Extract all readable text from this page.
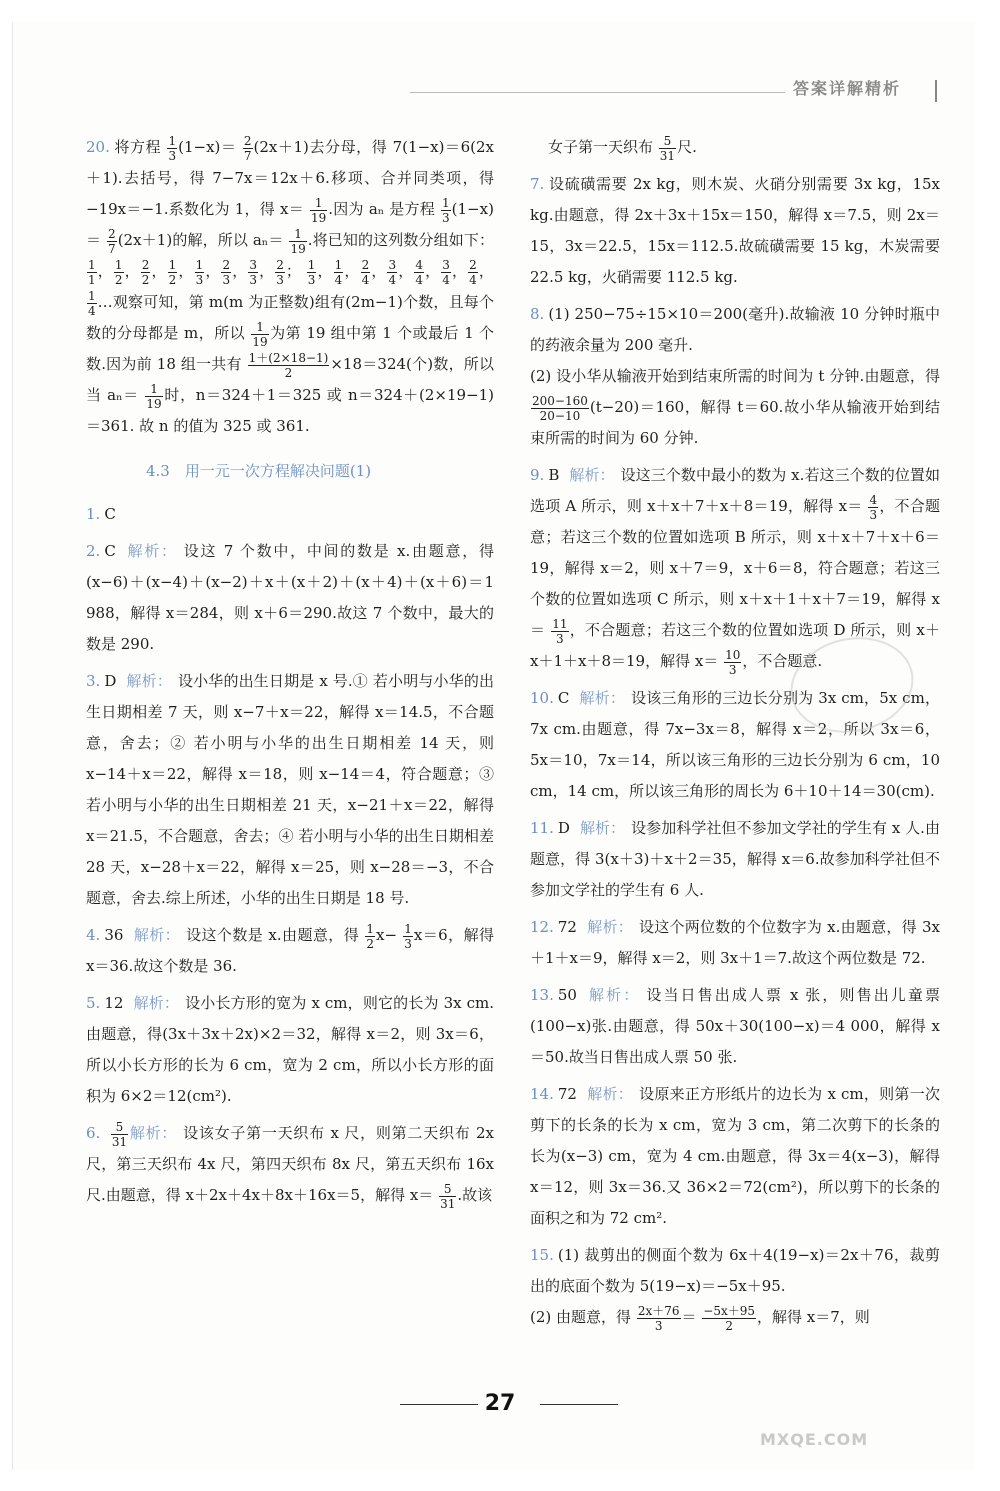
答案详解精析
20. 将方程 $\frac{1}{3} (1-x)= \frac{2}{7} (2x+1)$去分母，得 7(1−x)＝6(2x＋1).去括号，得 7−7x＝12x＋6.移项、合并同类项，得 −19x＝−1.系数化为 1，得 $x= \frac{1}{19}$ .因为 aₙ 是方程 $\frac{1}{3} (1-x)= \frac{2}{7} (2x+1)$的解，所以 $a_n= \frac{1}{19}$ .将已知的这列数分组如下：
$\frac{1}{1}$ ， $\frac{1}{2}$ ， $\frac{2}{2}$ ， $\frac{1}{2}$ ， $\frac{1}{3}$ ， $\frac{2}{3}$ ， $\frac{3}{3}$ ， $\frac{2}{3}$ ； $\frac{1}{3}$ ， $\frac{1}{4}$ ， $\frac{2}{4}$ ， $\frac{3}{4}$ ， $\frac{4}{4}$ ， $\frac{3}{4}$ ， $\frac{2}{4}$ ，
$\frac{1}{4}$ …观察可知，第 m(m 为正整数)组有(2m−1)个数，且每个数的分母都是 m，所以 $\frac{1}{19}$ 为第 19 组中第 1 个或最后 1 个数.因为前 18 组一共有 $\frac{1+(2\times 18-1)}{2} \times 18=324$(个)数，所以当 $a_n= \frac{1}{19}$ 时，n＝324＋1＝325 或 n＝324＋(2×19−1)＝361. 故 n 的值为 325 或 361.
4.3　用一元一次方程解决问题(1)
1. C
2. C 解析： 设这 7 个数中，中间的数是 x.由题意，得(x−6)＋(x−4)＋(x−2)＋x＋(x＋2)＋(x＋4)＋(x＋6)＝1 988，解得 x＝284，则 x＋6＝290.故这 7 个数中，最大的数是 290.
3. D 解析： 设小华的出生日期是 x 号.① 若小明与小华的出生日期相差 7 天，则 x−7＋x＝22，解得 x＝14.5，不合题意，舍去；② 若小明与小华的出生日期相差 14 天，则 x−14＋x＝22，解得 x＝18，则 x−14＝4，符合题意；③ 若小明与小华的出生日期相差 21 天，x−21＋x＝22，解得 x＝21.5，不合题意，舍去；④ 若小明与小华的出生日期相差 28 天，x−28＋x＝22，解得 x＝25，则 x−28＝−3，不合题意，舍去.综上所述，小华的出生日期是 18 号.
4. 36 解析： 设这个数是 x.由题意，得 $\frac{1}{2} x- \frac{1}{3} x=6$，解得 x＝36.故这个数是 36.
5. 12 解析： 设小长方形的宽为 x cm，则它的长为 3x cm.由题意，得(3x＋3x＋2x)×2＝32，解得 x＝2，则 3x＝6，所以小长方形的长为 6 cm，宽为 2 cm，所以小长方形的面积为 6×2＝12(cm²).
6. $\frac{5}{31}$ 解析： 设该女子第一天织布 x 尺，则第二天织布 2x 尺，第三天织布 4x 尺，第四天织布 8x 尺，第五天织布 16x 尺.由题意，得 x＋2x＋4x＋8x＋16x＝5，解得 $x= \frac{5}{31}$ .故该
女子第一天织布 $\frac{5}{31}$ 尺.
7. 设硫磺需要 2x kg，则木炭、火硝分别需要 3x kg，15x kg.由题意，得 2x＋3x＋15x＝150，解得 x＝7.5，则 2x＝15，3x＝22.5，15x＝112.5.故硫磺需要 15 kg，木炭需要 22.5 kg，火硝需要 112.5 kg.
8. (1) 250−75÷15×10＝200(毫升).故输液 10 分钟时瓶中的药液余量为 200 毫升.
(2) 设小华从输液开始到结束所需的时间为 t 分钟.由题意，得
$\frac{200-160}{20-10} (t-20)=160$，解得 t＝60.故小华从输液开始到结束所需的时间为 60 分钟.
9. B 解析： 设这三个数中最小的数为 x.若这三个数的位置如选项 A 所示，则 x＋x＋7＋x＋8＝19，解得 $x= \frac{4}{3}$ ，不合题意；若这三个数的位置如选项 B 所示，则 x＋x＋7＋x＋6＝19，解得 x＝2，则 x＋7＝9，x＋6＝8，符合题意；若这三个数的位置如选项 C 所示，则 x＋x＋1＋x＋7＝19，解得 $x= \frac{11}{3}$ ，不合题意；若这三个数的位置如选项 D 所示，则 x＋x＋1＋x＋8＝19，解得 $x= \frac{10}{3}$ ，不合题意.
10. C 解析： 设该三角形的三边长分别为 3x cm，5x cm，7x cm.由题意，得 7x−3x＝8，解得 x＝2，所以 3x＝6，5x＝10，7x＝14，所以该三角形的三边长分别为 6 cm，10 cm，14 cm，所以该三角形的周长为 6＋10＋14＝30(cm).
11. D 解析： 设参加科学社但不参加文学社的学生有 x 人.由题意，得 3(x＋3)＋x＋2＝35，解得 x＝6.故参加科学社但不参加文学社的学生有 6 人.
12. 72 解析： 设这个两位数的个位数字为 x.由题意，得 3x＋1＋x＝9，解得 x＝2，则 3x＋1＝7.故这个两位数是 72.
13. 50 解析： 设当日售出成人票 x 张，则售出儿童票(100−x)张.由题意，得 50x＋30(100−x)＝4 000，解得 x＝50.故当日售出成人票 50 张.
14. 72 解析： 设原来正方形纸片的边长为 x cm，则第一次剪下的长条的长为 x cm，宽为 3 cm，第二次剪下的长条的长为(x−3) cm，宽为 4 cm.由题意，得 3x＝4(x−3)，解得 x＝12，则 3x＝36.又 36×2＝72(cm²)，所以剪下的长条的面积之和为 72 cm².
15. (1) 裁剪出的侧面个数为 6x＋4(19−x)＝2x＋76，裁剪出的底面个数为 5(19−x)＝−5x＋95.
(2) 由题意，得 $\frac{2x+76}{3} = \frac{-5x+95}{2}$ ，解得 x＝7，则
27
MXQE.COM
